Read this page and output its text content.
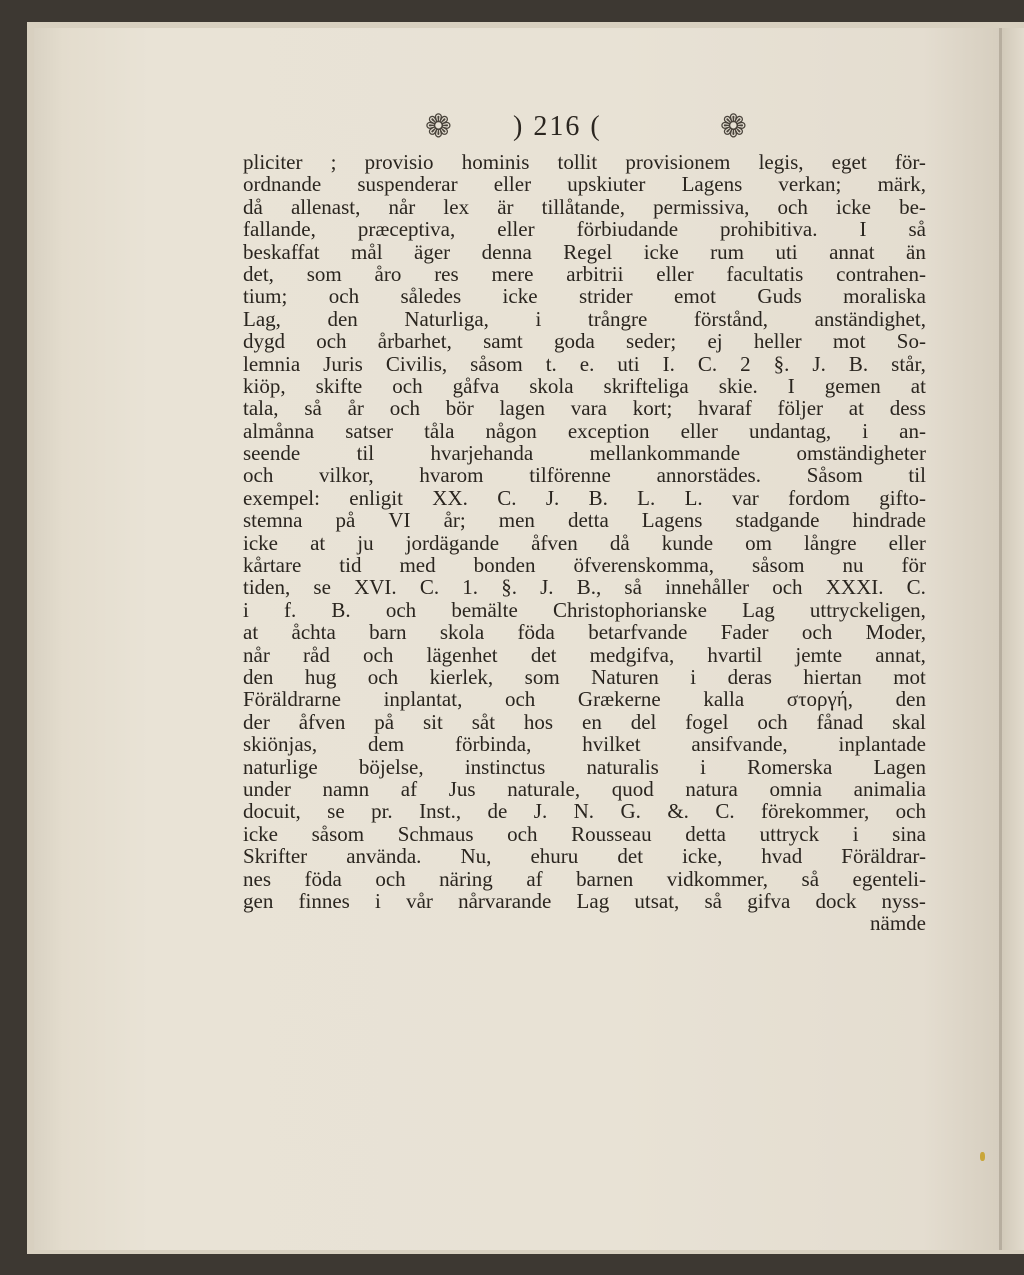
❁ ) 216 (	❁
pliciter ; provisio hominis tollit provisionem legis, eget för-
ordnande suspenderar eller upskiuter Lagens verkan; märk,
då allenast, når lex är tillåtande, permissiva, och icke be-
fallande, præceptiva, eller förbiudande prohibitiva. I så
beskaffat mål äger denna Regel icke rum uti annat än
det, som åro res mere arbitrii eller facultatis contrahen-
tium; och således icke strider emot Guds moraliska
Lag, den Naturliga, i trångre förstånd, anständighet,
dygd och årbarhet, samt goda seder; ej heller mot So-
lemnia Juris Civilis, såsom t. e. uti I. C. 2 §. J. B. står,
kiöp, skifte och gåfva skola skrifteliga skie. I gemen at
tala, så år och bör lagen vara kort; hvaraf följer at dess
almånna satser tåla någon exception eller undantag, i an-
seende	til	hvarjehanda	mellankommande	omständigheter
och vilkor, hvarom tilförenne annorstädes. Såsom til
exempel: enligit XX. C. J. B. L. L. var fordom gifto-
stemna på VI år; men detta Lagens stadgande hindrade
icke at ju jordägande åfven då kunde om långre eller
kårtare tid med bonden öfverenskomma, såsom nu för
tiden, se XVI. C. 1. §. J. B., så innehåller och XXXI. C.
i f. B. och bemälte Christophorianske Lag uttryckeligen,
at åchta barn skola föda betarfvande Fader och Moder,
når råd och lägenhet det medgifva, hvartil jemte annat,
den hug och kierlek, som Naturen i deras hiertan mot
Föräldrarne inplantat, och Grækerne kalla στοργή, den
der åfven på sit såt hos en del fogel och fånad skal
skiönjas, dem förbinda, hvilket ansifvande, inplantade
naturlige böjelse, instinctus naturalis i Romerska Lagen
under namn af Jus naturale, quod natura omnia animalia
docuit, se pr. Inst., de J. N. G. &. C. förekommer, och
icke såsom Schmaus och Rousseau detta uttryck i sina
Skrifter använda. Nu, ehuru det icke, hvad Föräldrar-
nes föda och näring af barnen vidkommer, så egenteli-
gen finnes i vår nårvarande Lag utsat, så gifva dock nyss-
nämde
